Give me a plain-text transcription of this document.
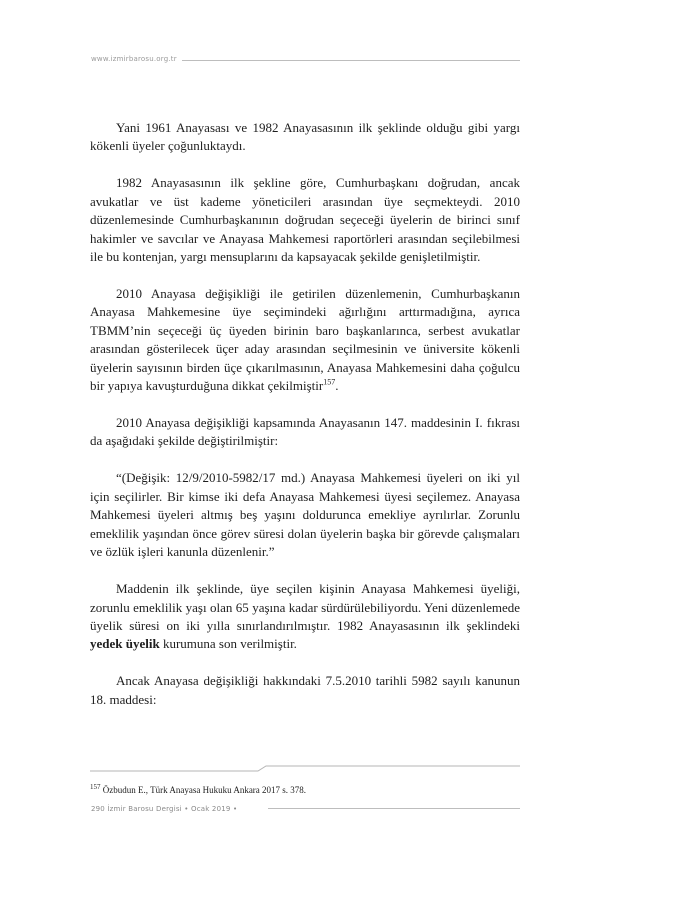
www.izmirbarosu.org.tr

Yani 1961 Anayasası ve 1982 Anayasasının ilk şeklinde olduğu gibi yargı kökenli üyeler çoğunluktaydı.

1982 Anayasasının ilk şekline göre, Cumhurbaşkanı doğrudan, ancak avukatlar ve üst kademe yöneticileri arasından üye seçmekteydi. 2010 düzenlemesinde Cumhurbaşkanının doğrudan seçeceği üyelerin de birinci sınıf hakimler ve savcılar ve Anayasa Mahkemesi raportörleri arasından seçilebilmesi ile bu kontenjan, yargı mensuplarını da kapsayacak şekilde genişletilmiştir.

2010 Anayasa değişikliği ile getirilen düzenlemenin, Cumhurbaşkanın Anayasa Mahkemesine üye seçimindeki ağırlığını arttırmadığına, ayrıca TBMM’nin seçeceği üç üyeden birinin baro başkanlarınca, serbest avukatlar arasından gösterilecek üçer aday arasından seçilmesinin ve üniversite kökenli üyelerin sayısının birden üçe çıkarılmasının, Anayasa Mahkemesini daha çoğulcu bir yapıya kavuşturduğuna dikkat çekilmiştir$^{157}$.

2010 Anayasa değişikliği kapsamında Anayasanın 147. maddesinin I. fıkrası da aşağıdaki şekilde değiştirilmiştir:

“(Değişik: 12/9/2010-5982/17 md.) Anayasa Mahkemesi üyeleri on iki yıl için seçilirler. Bir kimse iki defa Anayasa Mahkemesi üyesi seçilemez. Anayasa Mahkemesi üyeleri altmış beş yaşını doldurunca emekliye ayrılırlar. Zorunlu emeklilik yaşından önce görev süresi dolan üyelerin başka bir görevde çalışmaları ve özlük işleri kanunla düzenlenir.”

Maddenin ilk şeklinde, üye seçilen kişinin Anayasa Mahkemesi üyeliği, zorunlu emeklilik yaşı olan 65 yaşına kadar sürdürülebiliyordu. Yeni düzenlemede üyelik süresi on iki yılla sınırlandırılmıştır. 1982 Anayasasının ilk şeklindeki yedek üyelik kurumuna son verilmiştir.

Ancak Anayasa değişikliği hakkındaki 7.5.2010 tarihli 5982 sayılı kanunun 18. maddesi:

$^{157}$ Özbudun E., Türk Anayasa Hukuku Ankara 2017 s. 378.
290 İzmir Barosu Dergisi • Ocak 2019 •
